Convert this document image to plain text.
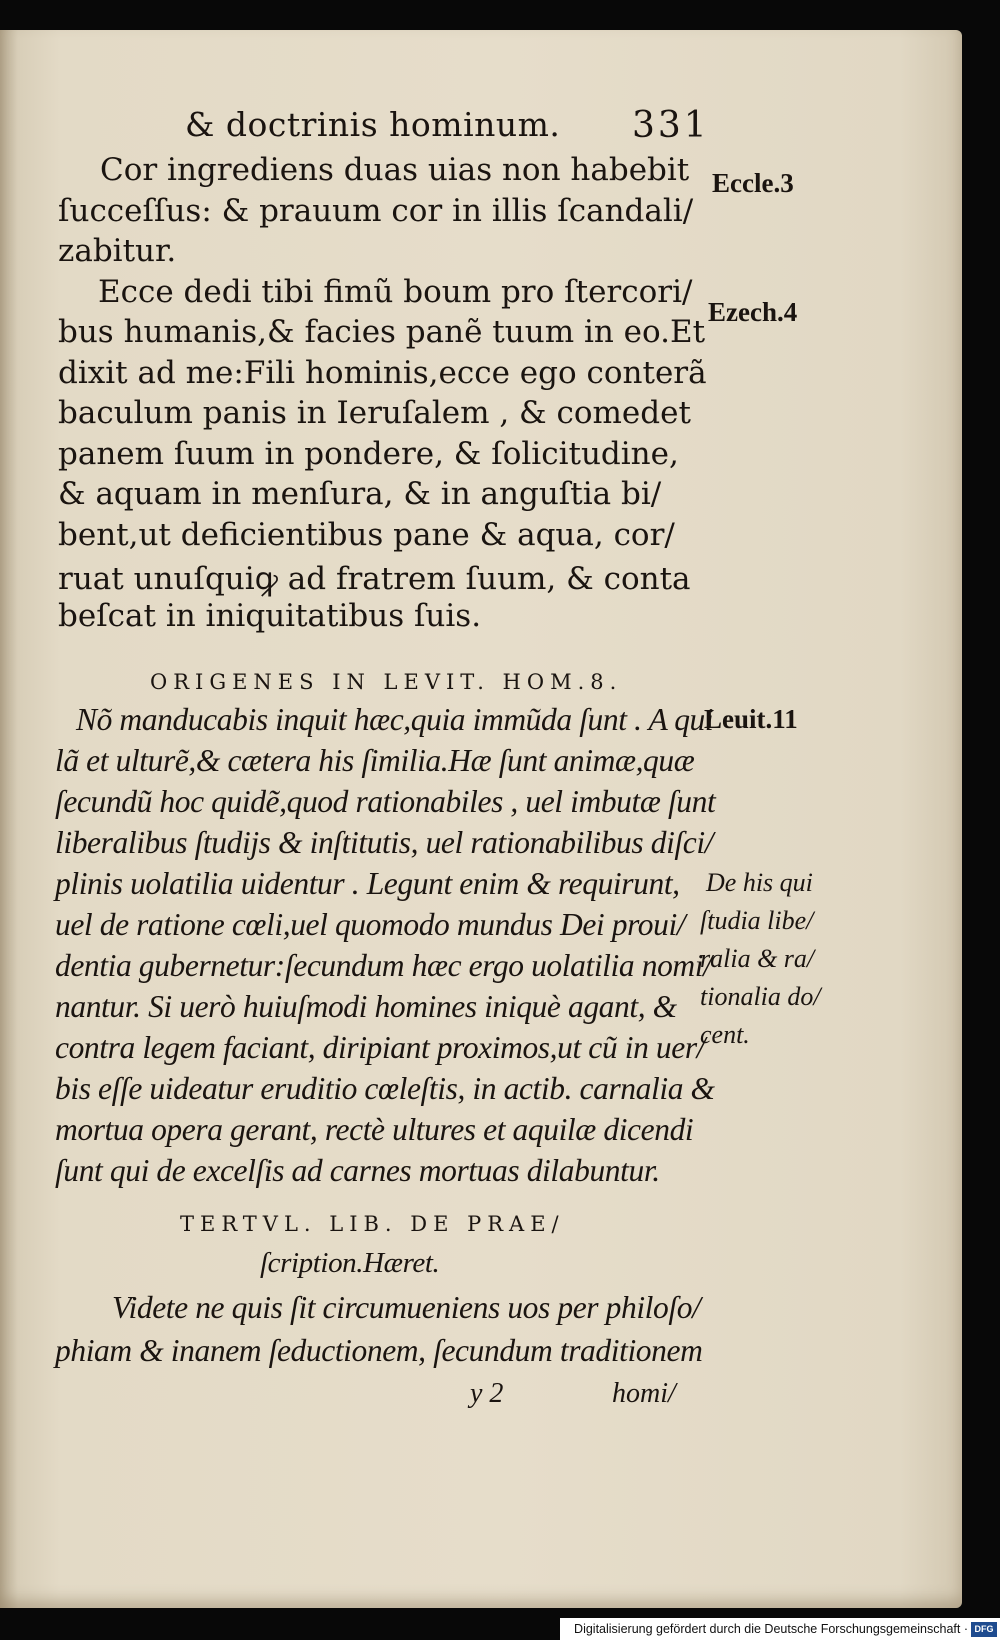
& doctrinis hominum. 331
Cor ingrediens duas uias non habebit
ſucceſſus: & prauum cor in illis ſcandali/
zabitur.
Ecce dedi tibi fimũ boum pro ſtercori/
bus humanis,& facies panẽ tuum in eo.Et
dixit ad me:Fili hominis,ecce ego conterã
baculum panis in Ieruſalem , & comedet
panem ſuum in pondere, & ſolicitudine,
& aquam in menſura, & in anguſtia bi/
bent,ut deficientibus pane & aqua, cor/
ruat unuſquiꝙ ad fratrem ſuum, & conta
beſcat in iniquitatibus ſuis.
ORIGENES IN LEVIT. HOM.8.
Nõ manducabis inquit hæc,quia immũda ſunt . A qui
lã et ulturẽ,& cætera his ſimilia.Hæ ſunt animæ,quæ
ſecundũ hoc quidẽ,quod rationabiles , uel imbutæ ſunt
liberalibus ſtudijs & inſtitutis, uel rationabilibus diſci/
plinis uolatilia uidentur . Legunt enim & requirunt,
uel de ratione cœli,uel quomodo mundus Dei proui/
dentia gubernetur:ſecundum hæc ergo uolatilia nomi/
nantur. Si uerò huiuſmodi homines iniquè agant, &
contra legem faciant, diripiant proximos,ut cũ in uer/
bis eſſe uideatur eruditio cœleſtis, in actib. carnalia &
mortua opera gerant, rectè ultures et aquilæ dicendi
ſunt qui de excelſis ad carnes mortuas dilabuntur.
TERTVL. LIB. DE PRAE/
ſcription.Hæret.
Videte ne quis ſit circumueniens uos per philoſo/
phiam & inanem ſeductionem, ſecundum traditionem
y 2	homi/
Eccle.3
Ezech.4
Leuit.11
De his qui
ſtudia libe/
ralia & ra/
tionalia do/
cent.
Digitalisierung gefördert durch die Deutsche Forschungsgemeinschaft · DFG
